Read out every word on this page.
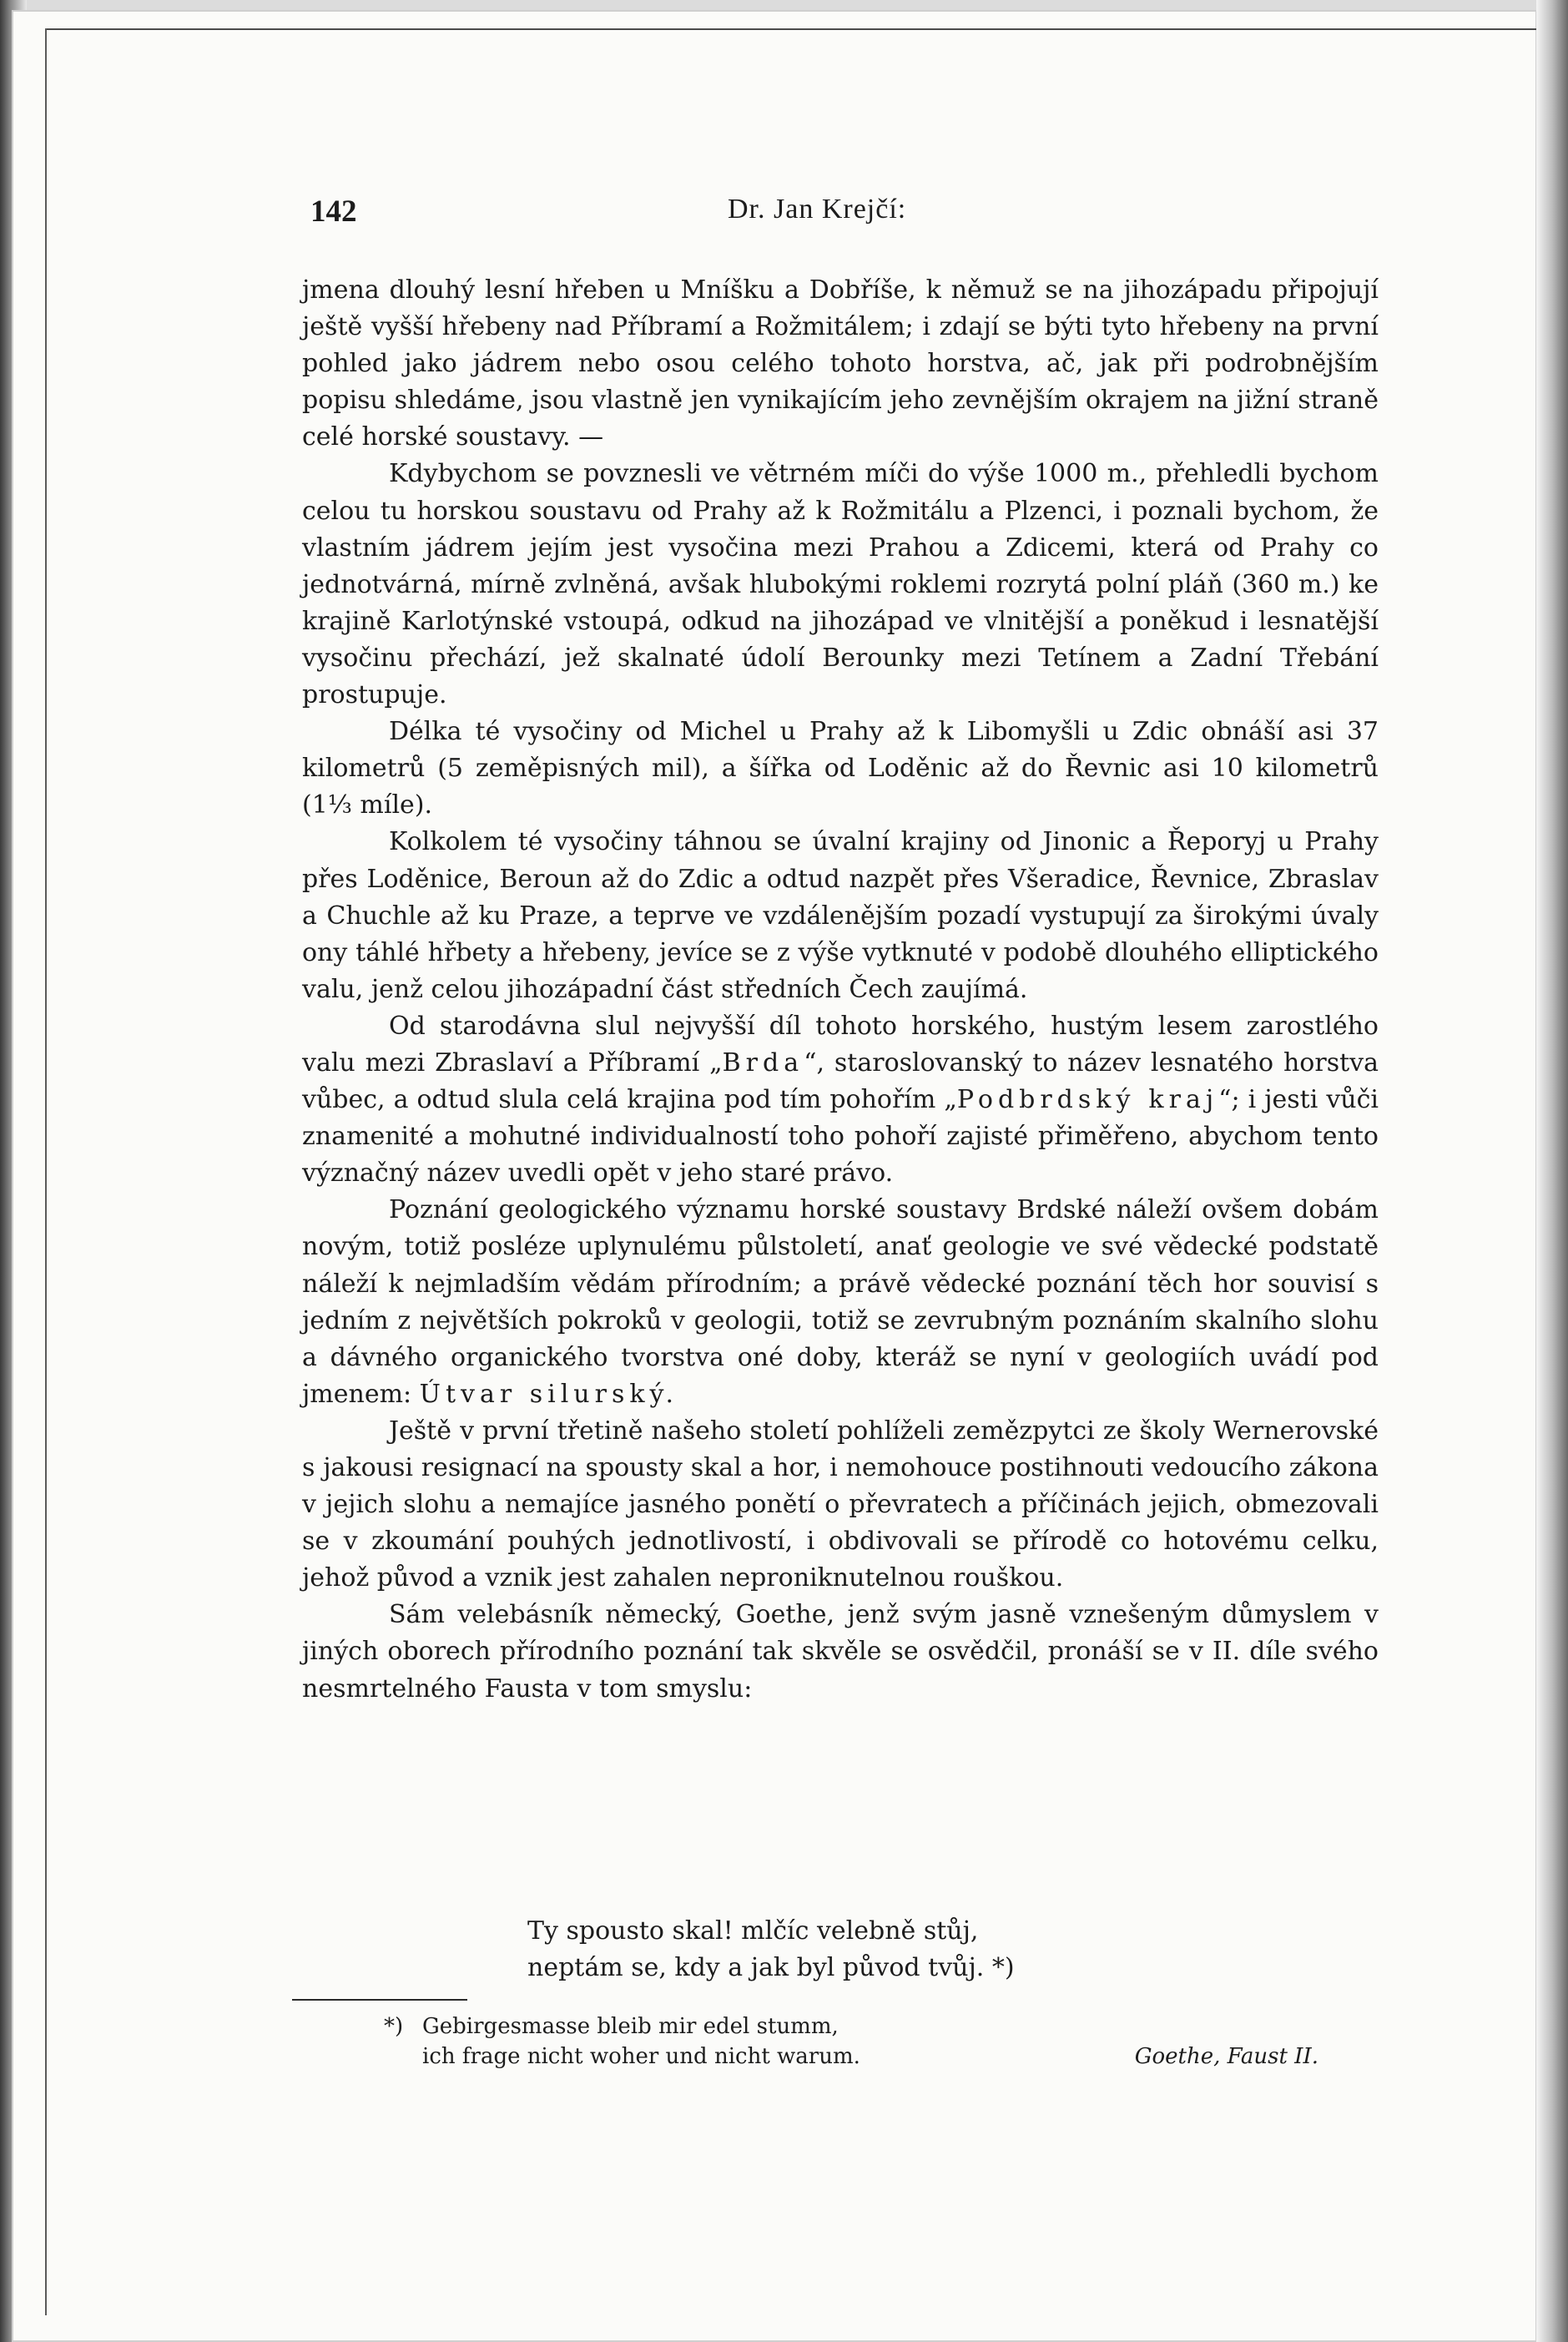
142	Dr. Jan Krejčí:

jmena dlouhý lesní hřeben u Mníšku a Dobříše, k němuž se na jihozápadu připojují ještě vyšší hřebeny nad Příbramí a Rožmitálem; i zdají se býti tyto hřebeny na první pohled jako jádrem nebo osou celého tohoto horstva, ač, jak při podrobnějším popisu shledáme, jsou vlastně jen vynikajícím jeho zevnějším okrajem na jižní straně celé horské soustavy. —

Kdybychom se povznesli ve větrném míči do výše 1000 m., přehledli bychom celou tu horskou soustavu od Prahy až k Rožmitálu a Plzenci, i poznali bychom, že vlastním jádrem jejím jest vysočina mezi Prahou a Zdicemi, která od Prahy co jednotvárná, mírně zvlněná, avšak hlubokými roklemi rozrytá polní pláň (360 m.) ke krajině Karlotýnské vstoupá, odkud na jihozápad ve vlnitější a poněkud i lesnatější vysočinu přechází, jež skalnaté údolí Berounky mezi Tetínem a Zadní Třebání prostupuje.

Délka té vysočiny od Michel u Prahy až k Libomyšli u Zdic obnáší asi 37 kilometrů (5 zeměpisných mil), a šířka od Loděnic až do Řevnic asi 10 kilometrů (1⅓ míle).

Kolkolem té vysočiny táhnou se úvalní krajiny od Jinonic a Řeporyj u Prahy přes Loděnice, Beroun až do Zdic a odtud nazpět přes Všeradice, Řevnice, Zbraslav a Chuchle až ku Praze, a teprve ve vzdálenějším pozadí vystupují za širokými úvaly ony táhlé hřbety a hřebeny, jevíce se z výše vytknuté v podobě dlouhého elliptického valu, jenž celou jihozápadní část středních Čech zaujímá.

Od starodávna slul nejvyšší díl tohoto horského, hustým lesem zarostlého valu mezi Zbraslaví a Příbramí „Brda“, staroslovanský to název lesnatého horstva vůbec, a odtud slula celá krajina pod tím pohořím „Podbrdský kraj“; i jesti vůči znamenité a mohutné individualností toho pohoří zajisté přiměřeno, abychom tento význačný název uvedli opět v jeho staré právo.

Poznání geologického významu horské soustavy Brdské náleží ovšem dobám novým, totiž posléze uplynulému půlstoletí, anať geologie ve své vědecké podstatě náleží k nejmladším vědám přírodním; a právě vědecké poznání těch hor souvisí s jedním z největších pokroků v geologii, totiž se zevrubným poznáním skalního slohu a dávného organického tvorstva oné doby, kteráž se nyní v geologiích uvádí pod jmenem: Útvar silurský.

Ještě v první třetině našeho století pohlíželi zemězpytci ze školy Wernerovské s jakousi resignací na spousty skal a hor, i nemohouce postihnouti vedoucího zákona v jejich slohu a nemajíce jasného ponětí o převratech a příčinách jejich, obmezovali se v zkoumání pouhých jednotlivostí, i obdivovali se přírodě co hotovému celku, jehož původ a vznik jest zahalen neproniknutelnou rouškou.

Sám velebásník německý, Goethe, jenž svým jasně vznešeným důmyslem v jiných oborech přírodního poznání tak skvěle se osvědčil, pronáší se v II. díle svého nesmrtelného Fausta v tom smyslu:

Ty spousto skal! mlčíc velebně stůj,
neptám se, kdy a jak byl původ tvůj. *)
*) Gebirgesmasse bleib mir edel stumm,
ich frage nicht woher und nicht warum.	Goethe, Faust II.
